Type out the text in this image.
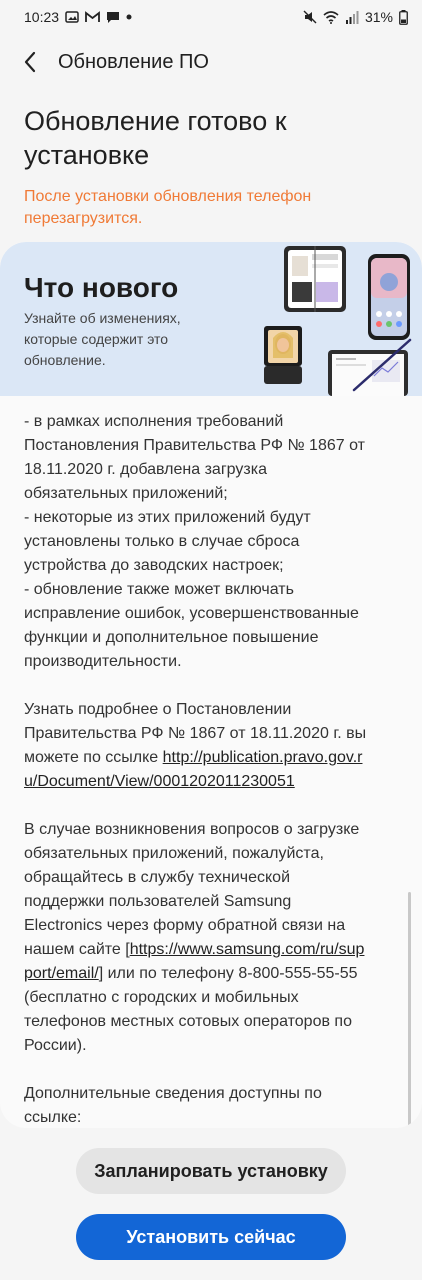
10:23	31%
Обновление ПО
Обновление готово к установке
После установки обновления телефон перезагрузится.
Что нового
Узнайте об изменениях, которые содержит это обновление.

- в рамках исполнения требований Постановления Правительства РФ № 1867 от 18.11.2020 г. добавлена загрузка обязательных приложений;
- некоторые из этих приложений будут установлены только в случае сброса устройства до заводских настроек;
- обновление также может включать исправление ошибок, усовершенствованные функции и дополнительное повышение производительности.

Узнать подробнее о Постановлении Правительства РФ № 1867 от 18.11.2020 г. вы можете по ссылке http://publication.pravo.gov.ru/Document/View/0001202011230051

В случае возникновения вопросов о загрузке обязательных приложений, пожалуйста, обращайтесь в службу технической поддержки пользователей Samsung Electronics через форму обратной связи на нашем сайте [https://www.samsung.com/ru/support/email/] или по телефону 8-800-555-55-55 (бесплатно с городских и мобильных телефонов местных сотовых операторов по России).

Дополнительные сведения доступны по ссылке:

Запланировать установку
Установить сейчас
